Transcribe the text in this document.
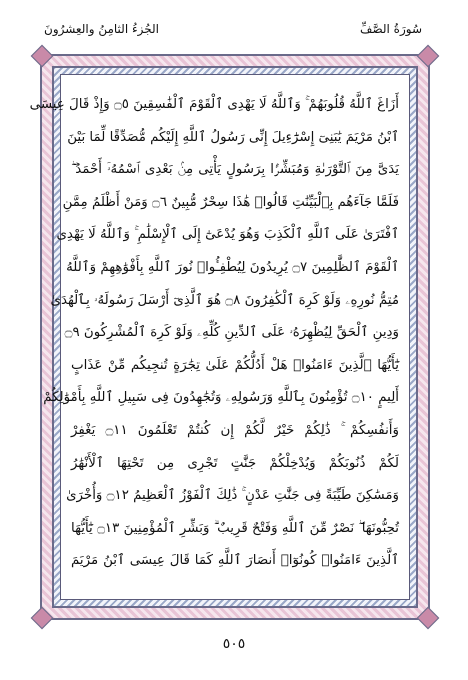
الجُزءُ الثامِنُ والعِشرُونَ	سُورَةُ الصَّفِّ
أَزَاغَ ٱللَّهُ قُلُوبَهُمْ ۚ وَٱللَّهُ لَا يَهْدِى ٱلْقَوْمَ ٱلْفَٰسِقِينَ ۝٥ وَإِذْ قَالَ عِيسَى
ٱبْنُ مَرْيَمَ يَٰبَنِىٓ إِسْرَٰٓءِيلَ إِنِّى رَسُولُ ٱللَّهِ إِلَيْكُم مُّصَدِّقًا لِّمَا بَيْنَ
يَدَىَّ مِنَ ٱلتَّوْرَىٰةِ وَمُبَشِّرًۢا بِرَسُولٍ يَأْتِى مِنۢ بَعْدِى ٱسْمُهُۥٓ أَحْمَدُ ۖ
فَلَمَّا جَآءَهُم بِٱلْبَيِّنَٰتِ قَالُوا۟ هَٰذَا سِحْرٌ مُّبِينٌ ۝٦ وَمَنْ أَظْلَمُ مِمَّنِ
ٱفْتَرَىٰ عَلَى ٱللَّهِ ٱلْكَذِبَ وَهُوَ يُدْعَىٰٓ إِلَى ٱلْإِسْلَٰمِ ۚ وَٱللَّهُ لَا يَهْدِى
ٱلْقَوْمَ ٱلظَّٰلِمِينَ ۝٧ يُرِيدُونَ لِيُطْفِـُٔوا۟ نُورَ ٱللَّهِ بِأَفْوَٰهِهِمْ وَٱللَّهُ
مُتِمُّ نُورِهِۦ وَلَوْ كَرِهَ ٱلْكَٰفِرُونَ ۝٨ هُوَ ٱلَّذِىٓ أَرْسَلَ رَسُولَهُۥ بِٱلْهُدَىٰ
وَدِينِ ٱلْحَقِّ لِيُظْهِرَهُۥ عَلَى ٱلدِّينِ كُلِّهِۦ وَلَوْ كَرِهَ ٱلْمُشْرِكُونَ ۝٩
يَٰٓأَيُّهَا ٱلَّذِينَ ءَامَنُوا۟ هَلْ أَدُلُّكُمْ عَلَىٰ تِجَٰرَةٍ تُنجِيكُم مِّنْ عَذَابٍ
أَلِيمٍ ۝١٠ تُؤْمِنُونَ بِٱللَّهِ وَرَسُولِهِۦ وَتُجَٰهِدُونَ فِى سَبِيلِ ٱللَّهِ بِأَمْوَٰلِكُمْ
وَأَنفُسِكُمْ ۚ ذَٰلِكُمْ خَيْرٌ لَّكُمْ إِن كُنتُمْ تَعْلَمُونَ ۝١١ يَغْفِرْ
لَكُمْ ذُنُوبَكُمْ وَيُدْخِلْكُمْ جَنَّٰتٍ تَجْرِى مِن تَحْتِهَا ٱلْأَنْهَٰرُ
وَمَسَٰكِنَ طَيِّبَةً فِى جَنَّٰتِ عَدْنٍ ۚ ذَٰلِكَ ٱلْفَوْزُ ٱلْعَظِيمُ ۝١٢ وَأُخْرَىٰ
تُحِبُّونَهَا ۖ نَصْرٌ مِّنَ ٱللَّهِ وَفَتْحٌ قَرِيبٌ ۗ وَبَشِّرِ ٱلْمُؤْمِنِينَ ۝١٣ يَٰٓأَيُّهَا
ٱلَّذِينَ ءَامَنُوا۟ كُونُوٓا۟ أَنصَارَ ٱللَّهِ كَمَا قَالَ عِيسَى ٱبْنُ مَرْيَمَ
٥٠٥
